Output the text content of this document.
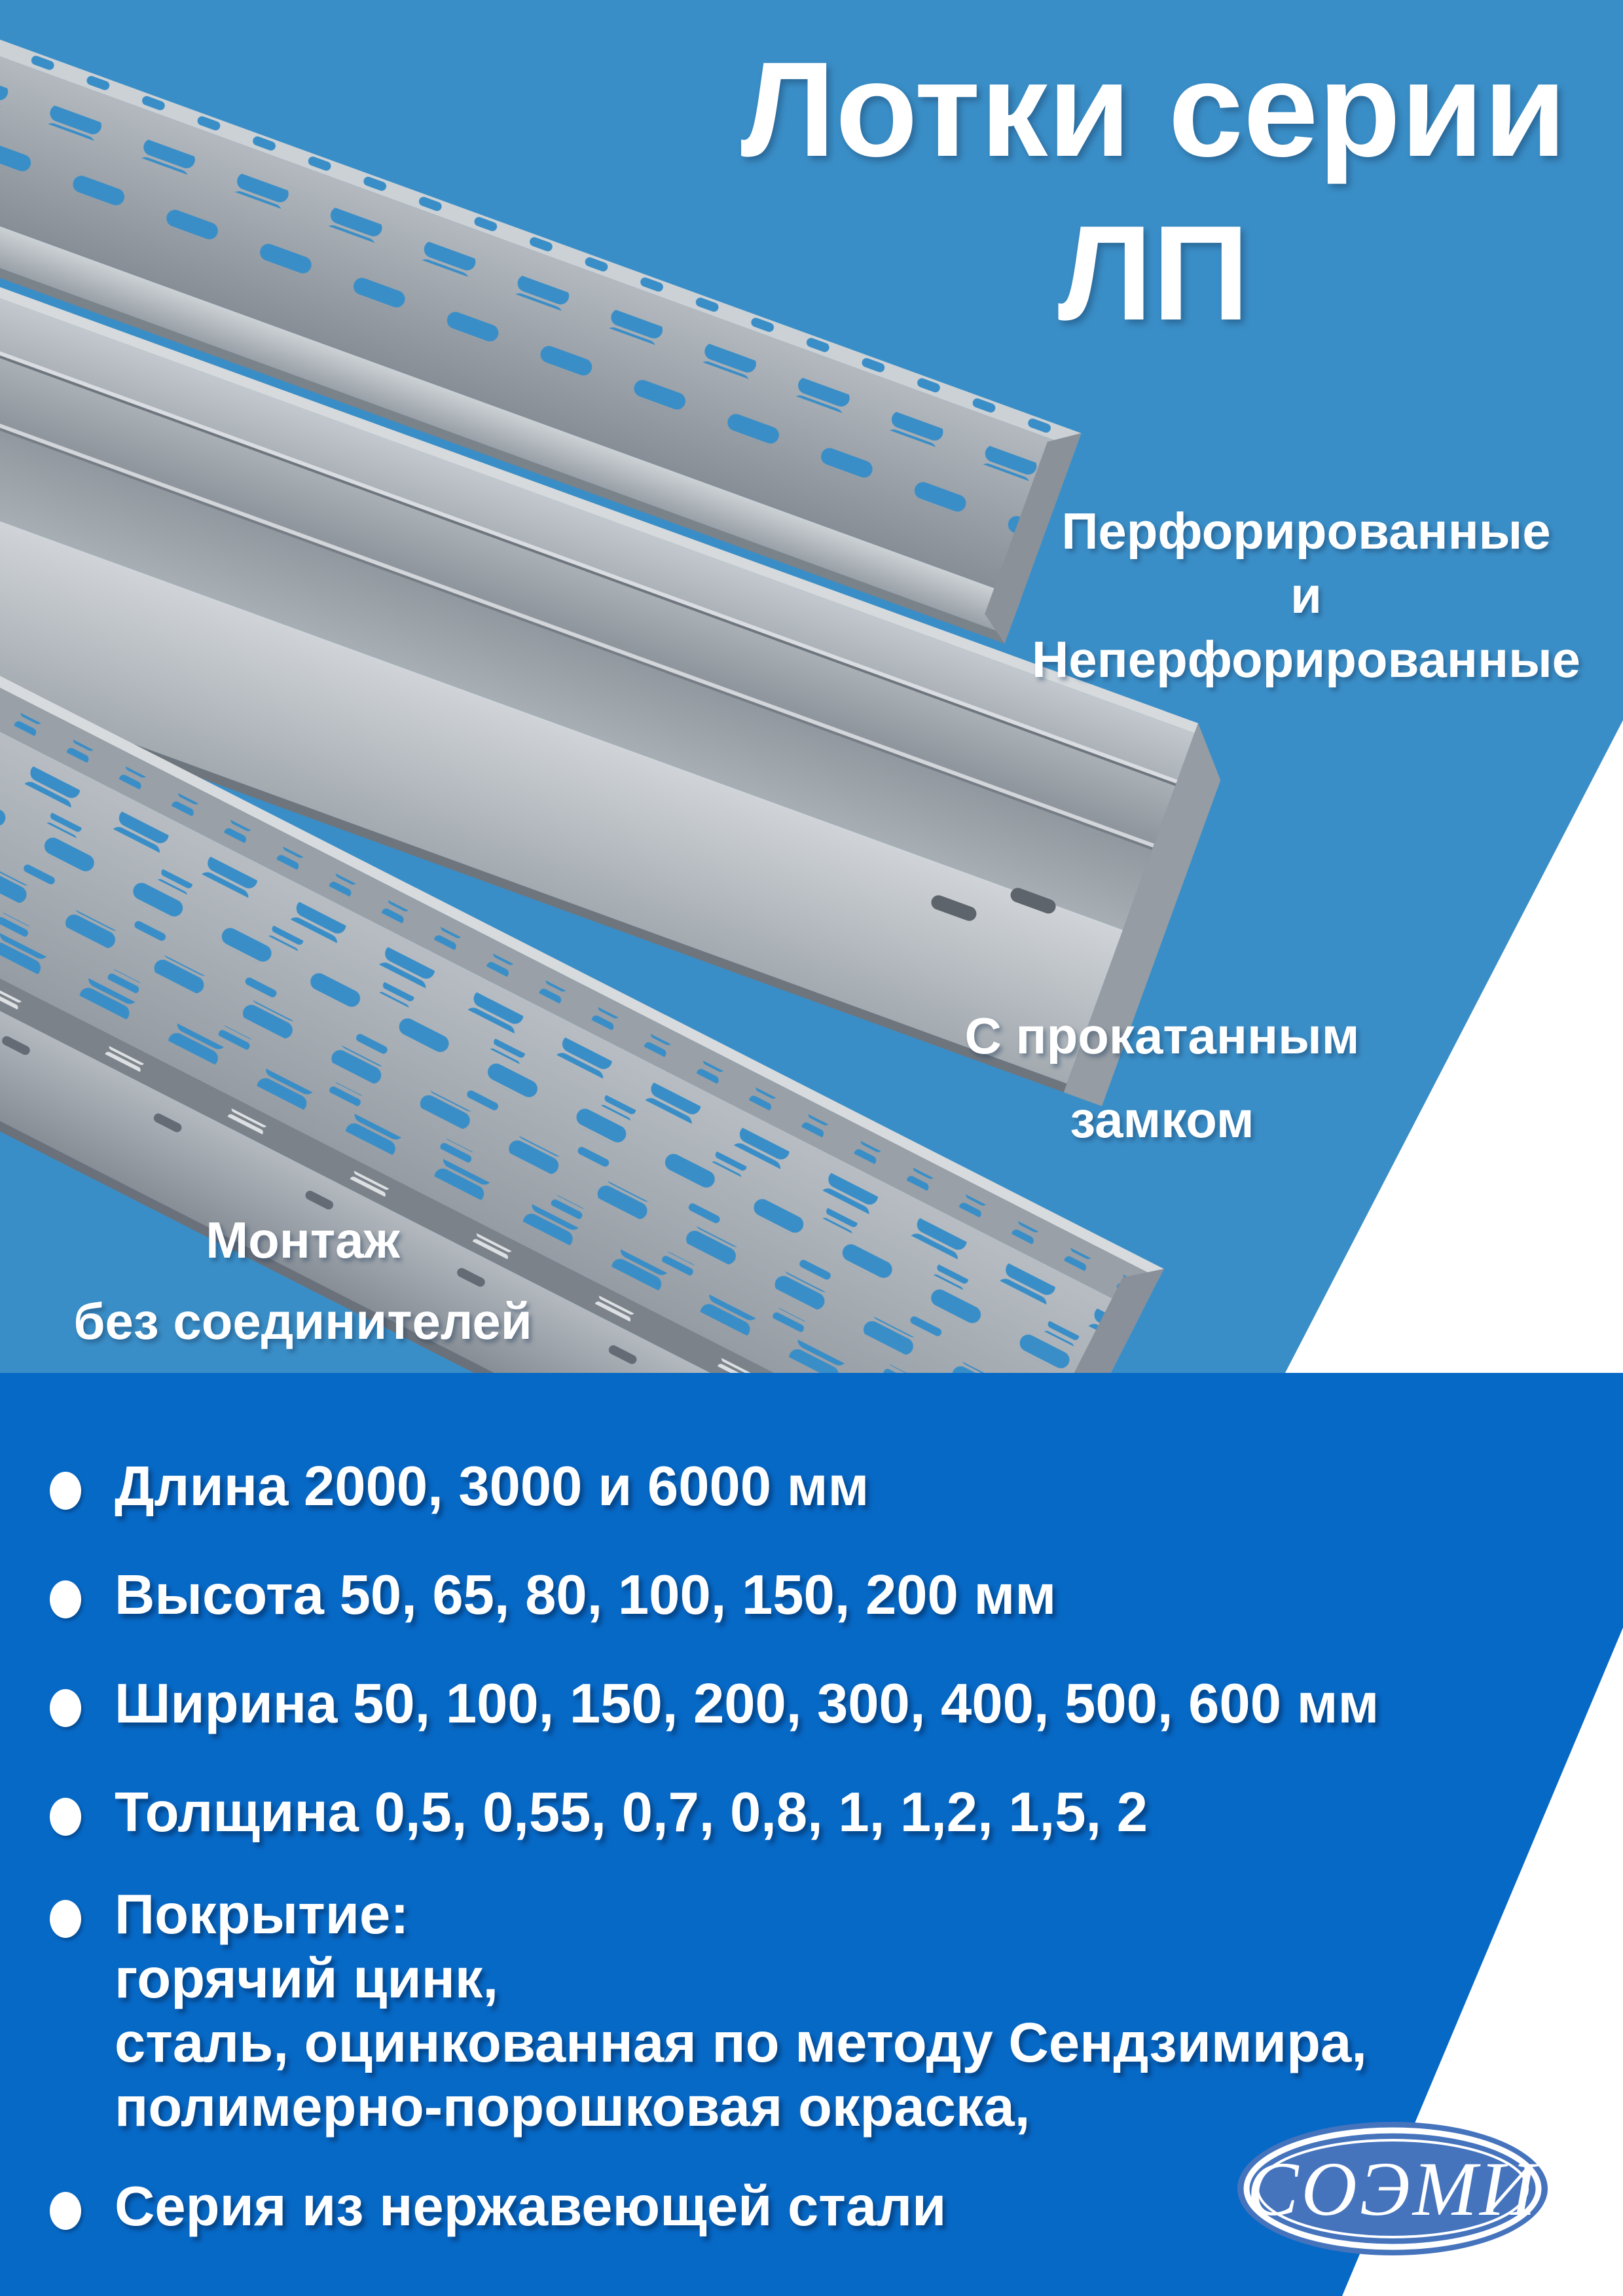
Лотки серии
ЛП
Перфорированные
и
Неперфорированные
С прокатанным
замком
Монтаж
без соединителей
Длина 2000, 3000 и 6000 мм
Высота 50, 65, 80, 100, 150, 200 мм
Ширина 50, 100, 150, 200, 300, 400, 500, 600 мм
Толщина 0,5, 0,55, 0,7, 0,8, 1, 1,2, 1,5, 2
Покрытие:
горячий цинк,
сталь, оцинкованная по методу Сендзимира,
полимерно-порошковая окраска,
Серия из нержавеющей стали	СОЭМИ
